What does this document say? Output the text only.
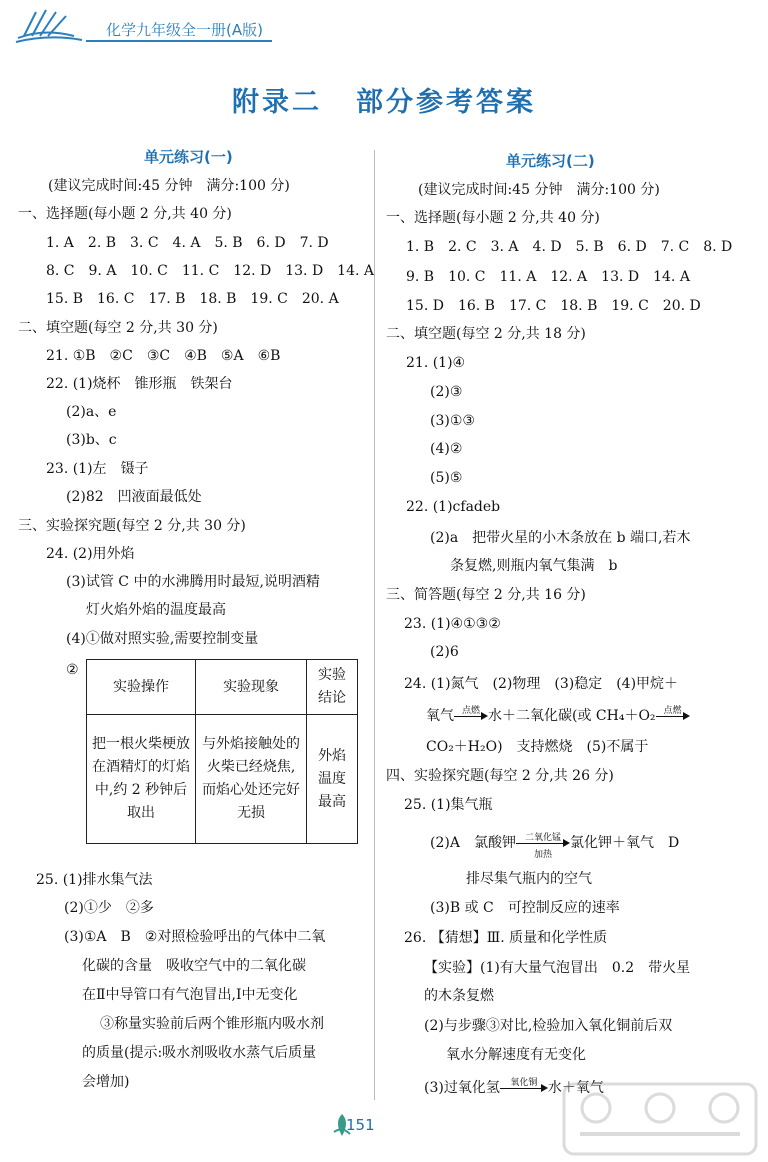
化学九年级全一册(A版)
附录二 部分参考答案
单元练习(一)
(建议完成时间:45 分钟　满分:100 分)
一、选择题(每小题 2 分,共 40 分)
1. A　2. B　3. C　4. A　5. B　6. D　7. D
8. C　9. A　10. C　11. C　12. D　13. D　14. A
15. B　16. C　17. B　18. B　19. C　20. A
二、填空题(每空 2 分,共 30 分)
21. ①B　②C　③C　④B　⑤A　⑥B
22. (1)烧杯　锥形瓶　铁架台
(2)a、e
(3)b、c
23. (1)左　镊子
(2)82　凹液面最低处
三、实验探究题(每空 2 分,共 30 分)
24. (2)用外焰
(3)试管 C 中的水沸腾用时最短,说明酒精
灯火焰外焰的温度最高
(4)①做对照实验,需要控制变量
②
实验操作	实验现象	实验结论
把一根火柴梗放在酒精灯的灯焰中,约 2 秒钟后取出	与外焰接触处的火柴已经烧焦,而焰心处还完好无损	外焰温度最高
25. (1)排水集气法
(2)①少　②多
(3)①A　B　②对照检验呼出的气体中二氧
化碳的含量　吸收空气中的二氧化碳
在Ⅱ中导管口有气泡冒出,Ⅰ中无变化
③称量实验前后两个锥形瓶内吸水剂
的质量(提示:吸水剂吸收水蒸气后质量
会增加)
单元练习(二)
(建议完成时间:45 分钟　满分:100 分)
一、选择题(每小题 2 分,共 40 分)
1. B　2. C　3. A　4. D　5. B　6. D　7. C　8. D
9. B　10. C　11. A　12. A　13. D　14. A
15. D　16. B　17. C　18. B　19. C　20. D
二、填空题(每空 2 分,共 18 分)
21. (1)④
(2)③
(3)①③
(4)②
(5)⑤
22. (1)cfadeb
(2)a　把带火星的小木条放在 b 端口,若木
条复燃,则瓶内氧气集满　b
三、简答题(每空 2 分,共 16 分)
23. (1)④①③②
(2)6
24. (1)氮气　(2)物理　(3)稳定　(4)甲烷＋
氧气 点燃 水＋二氧化碳(或 CH₄＋O₂ 点燃
CO₂＋H₂O)　支持燃烧　(5)不属于
四、实验探究题(每空 2 分,共 26 分)
25. (1)集气瓶
(2)A　氯酸钾 二氧化锰
加热
氯化钾＋氧气　D
排尽集气瓶内的空气
(3)B 或 C　可控制反应的速率
26. 【猜想】Ⅲ. 质量和化学性质
【实验】(1)有大量气泡冒出　0.2　带火星
的木条复燃
(2)与步骤③对比,检验加入氧化铜前后双
氧水分解速度有无变化
(3)过氧化氢	氧化铜 水＋氧气
151
